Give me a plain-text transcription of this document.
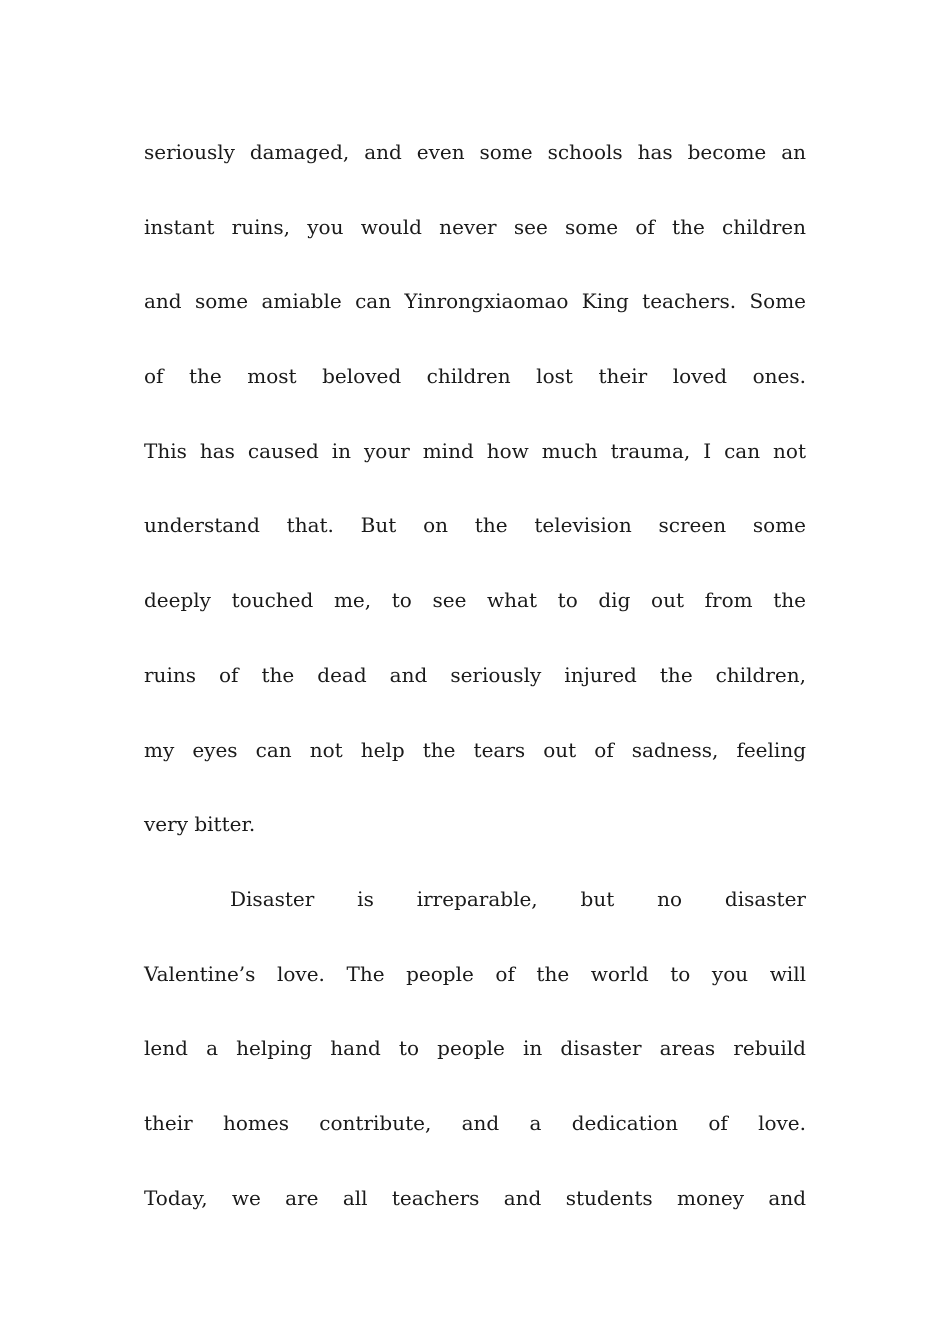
seriously damaged, and even some schools has become an
instant ruins, you would never see some of the children
and some amiable can Yinrongxiaomao King teachers. Some
of the most beloved children lost their loved ones.
This has caused in your mind how much trauma, I can not
understand that. But on the television screen some
deeply touched me, to see what to dig out from the
ruins of the dead and seriously injured the children,
my eyes can not help the tears out of sadness, feeling
very bitter.
Disaster is irreparable, but no disaster
Valentine’s love. The people of the world to you will
lend a helping hand to people in disaster areas rebuild
their homes contribute, and a dedication of love.
Today, we are all teachers and students money and
